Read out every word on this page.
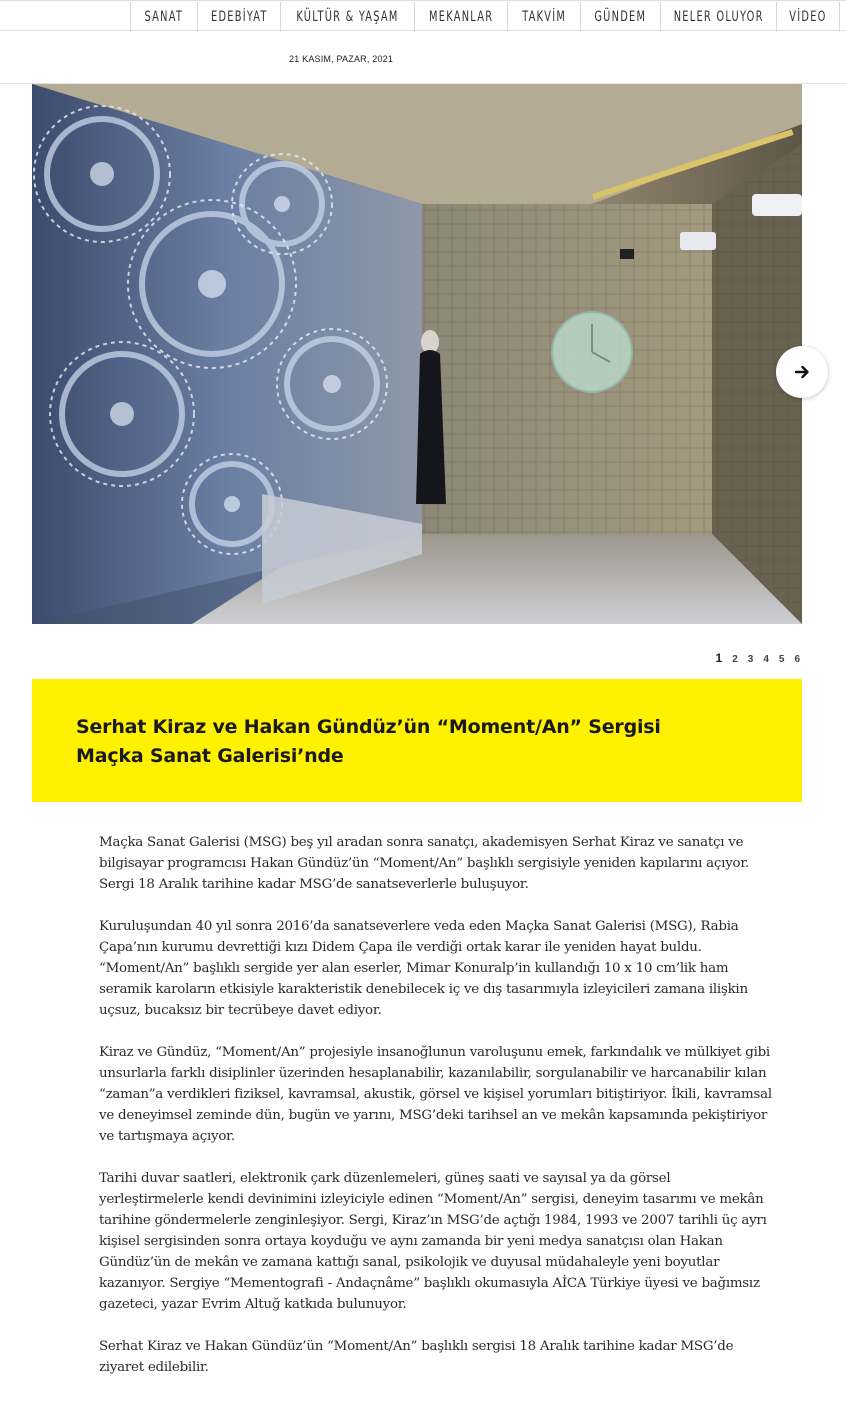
SANAT EDEBİYAT KÜLTÜR & YAŞAM MEKANLAR TAKVİM GÜNDEM NELER OLUYOR VİDEO
21 KASIM, PAZAR, 2021
1 2 3 4 5 6
Serhat Kiraz ve Hakan Gündüz’ün “Moment/An” Sergisi Maçka Sanat Galerisi’nde

Maçka Sanat Galerisi (MSG) beş yıl aradan sonra sanatçı, akademisyen Serhat Kiraz ve sanatçı ve bilgisayar programcısı Hakan Gündüz’ün “Moment/An” başlıklı sergisiyle yeniden kapılarını açıyor. Sergi 18 Aralık tarihine kadar MSG’de sanatseverlerle buluşuyor.

Kuruluşundan 40 yıl sonra 2016’da sanatseverlere veda eden Maçka Sanat Galerisi (MSG), Rabia Çapa’nın kurumu devrettiği kızı Didem Çapa ile verdiği ortak karar ile yeniden hayat buldu. “Moment/An” başlıklı sergide yer alan eserler, Mimar Konuralp’in kullandığı 10 x 10 cm’lik ham seramik karoların etkisiyle karakteristik denebilecek iç ve dış tasarımıyla izleyicileri zamana ilişkin uçsuz, bucaksız bir tecrübeye davet ediyor.

Kiraz ve Gündüz, “Moment/An” projesiyle insanoğlunun varoluşunu emek, farkındalık ve mülkiyet gibi unsurlarla farklı disiplinler üzerinden hesaplanabilir, kazanılabilir, sorgulanabilir ve harcanabilir kılan “zaman”a verdikleri fiziksel, kavramsal, akustik, görsel ve kişisel yorumları bitiştiriyor. İkili, kavramsal ve deneyimsel zeminde dün, bugün ve yarını, MSG’deki tarihsel an ve mekân kapsamında pekiştiriyor ve tartışmaya açıyor.

Tarihi duvar saatleri, elektronik çark düzenlemeleri, güneş saati ve sayısal ya da görsel yerleştirmelerle kendi devinimini izleyiciyle edinen “Moment/An” sergisi, deneyim tasarımı ve mekân tarihine göndermelerle zenginleşiyor. Sergi, Kiraz’ın MSG’de açtığı 1984, 1993 ve 2007 tarihli üç ayrı kişisel sergisinden sonra ortaya koyduğu ve aynı zamanda bir yeni medya sanatçısı olan Hakan Gündüz’ün de mekân ve zamana kattığı sanal, psikolojik ve duyusal müdahaleyle yeni boyutlar kazanıyor. Sergiye “Mementografi - Andaçnâme” başlıklı okumasıyla AİCA Türkiye üyesi ve bağımsız gazeteci, yazar Evrim Altuğ katkıda bulunuyor.

Serhat Kiraz ve Hakan Gündüz’ün “Moment/An” başlıklı sergisi 18 Aralık tarihine kadar MSG’de ziyaret edilebilir.
